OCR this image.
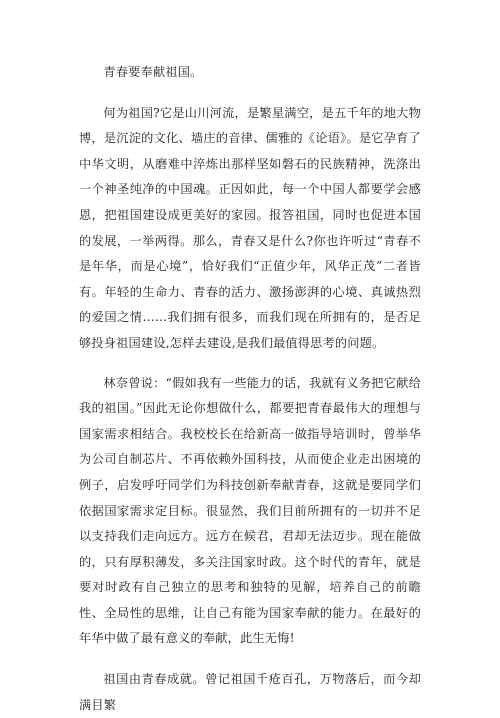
青春要奉献祖国。

何为祖国?它是山川河流，是繁星满空，是五千年的地大物博，是沉淀的文化、墙庄的音律、儒雅的《论语》。是它孕育了中华文明，从磨难中淬炼出那样坚如磐石的民族精神，洗涤出一个神圣纯净的中国魂。正因如此，每一个中国人都要学会感恩，把祖国建设成更美好的家园。报答祖国，同时也促进本国的发展，一举两得。那么，青春又是什么?你也许听过“青春不是年华，而是心境”，恰好我们“正值少年，风华正茂”二者皆有。年轻的生命力、青春的活力、激扬澎湃的心境、真诚热烈的爱国之情……我们拥有很多，而我们现在所拥有的，是否足够投身祖国建设,怎样去建设,是我们最值得思考的问题。

林奈曾说：“假如我有一些能力的话，我就有义务把它献给我的祖国。”因此无论你想做什么，都要把青春最伟大的理想与国家需求相结合。我校校长在给新高一做指导培训时，曾举华为公司自制芯片、不再依赖外国科技，从而使企业走出困境的例子，启发呼吁同学们为科技创新奉献青春，这就是要同学们依据国家需求定目标。很显然，我们目前所拥有的一切并不足以支持我们走向远方。远方在候君，君却无法迈步。现在能做的，只有厚积薄发，多关注国家时政。这个时代的青年，就是要对时政有自己独立的思考和独特的见解，培养自己的前瞻性、全局性的思维，让自己有能为国家奉献的能力。在最好的年华中做了最有意义的奉献，此生无悔!

祖国由青春成就。曾记祖国千疮百孔，万物落后，而今却满目繁
